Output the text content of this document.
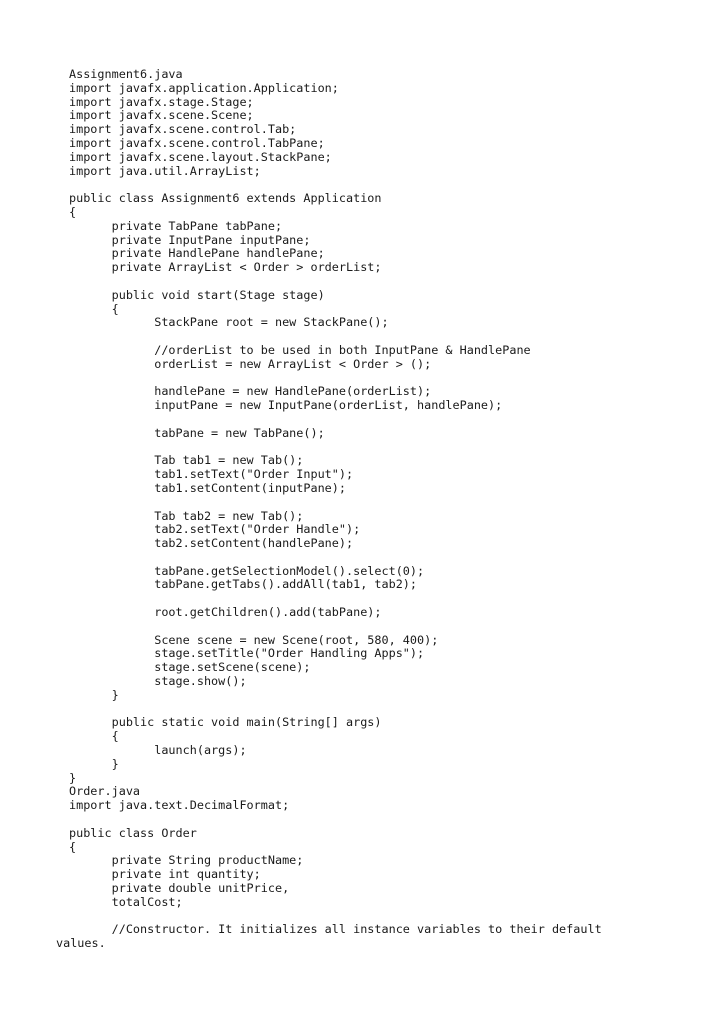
Assignment6.java
import javafx.application.Application;
import javafx.stage.Stage;
import javafx.scene.Scene;
import javafx.scene.control.Tab;
import javafx.scene.control.TabPane;
import javafx.scene.layout.StackPane;
import java.util.ArrayList;
public class Assignment6 extends Application
{
private TabPane tabPane;
private InputPane inputPane;
private HandlePane handlePane;
private ArrayList < Order > orderList;
public void start(Stage stage)
{
StackPane root = new StackPane();
//orderList to be used in both InputPane & HandlePane
orderList = new ArrayList < Order > ();
handlePane = new HandlePane(orderList);
inputPane = new InputPane(orderList, handlePane);
tabPane = new TabPane();
Tab tab1 = new Tab();
tab1.setText("Order Input");
tab1.setContent(inputPane);
Tab tab2 = new Tab();
tab2.setText("Order Handle");
tab2.setContent(handlePane);
tabPane.getSelectionModel().select(0);
tabPane.getTabs().addAll(tab1, tab2);
root.getChildren().add(tabPane);
Scene scene = new Scene(root, 580, 400);
stage.setTitle("Order Handling Apps");
stage.setScene(scene);
stage.show();
}
public static void main(String[] args)
{
launch(args);
}
}
Order.java
import java.text.DecimalFormat;
public class Order
{
private String productName;
private int quantity;
private double unitPrice,
totalCost;
//Constructor. It initializes all instance variables to their default
values.
